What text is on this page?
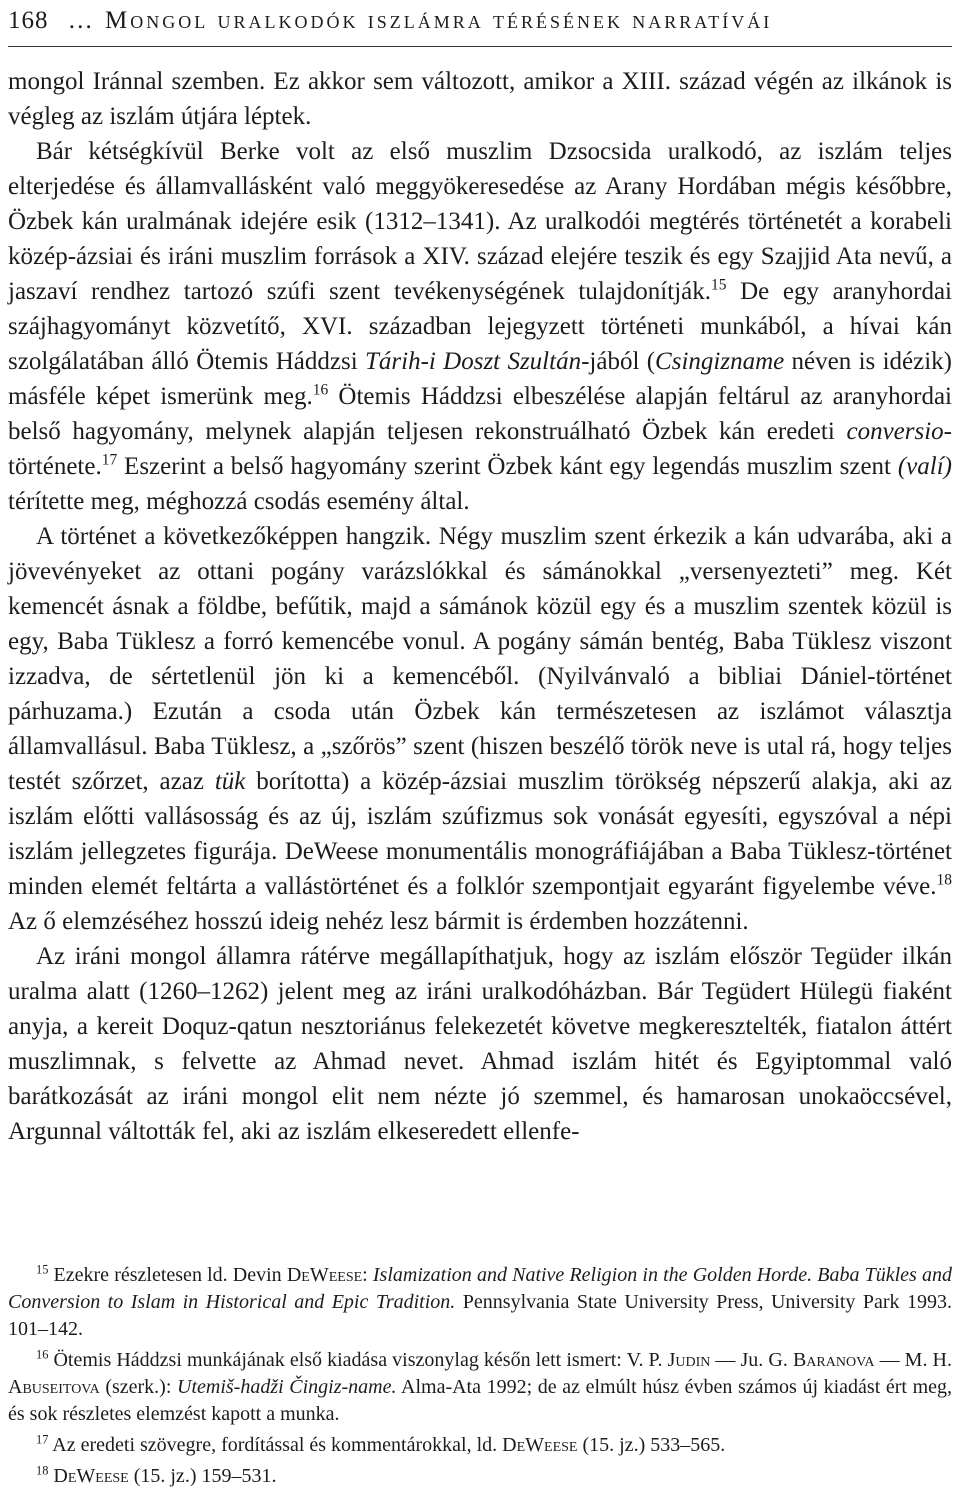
168 … Mongol uralkodók iszlámra térésének narratívái

mongol Iránnal szemben. Ez akkor sem változott, amikor a XIII. század végén az ilkánok is végleg az iszlám útjára léptek.

Bár kétségkívül Berke volt az első muszlim Dzsocsida uralkodó, az iszlám teljes elterjedése és államvallásként való meggyökeresedése az Arany Hordában mégis későbbre, Özbek kán uralmának idejére esik (1312–1341). Az uralkodói megtérés történetét a korabeli közép-ázsiai és iráni muszlim források a XIV. század elejére teszik és egy Szajjid Ata nevű, a jaszaví rendhez tartozó szúfi szent tevékenységének tulajdonítják.$^{15}$ De egy aranyhordai szájhagyományt közvetítő, XVI. században lejegyzett történeti munkából, a hívai kán szolgálatában álló Ötemis Háddzsi Tárih-i Doszt Szultán-jából (Csingizname néven is idézik) másféle képet ismerünk meg.$^{16}$ Ötemis Háddzsi elbeszélése alapján feltárul az aranyhordai belső hagyomány, melynek alapján teljesen rekonstruálható Özbek kán eredeti conversio-története.$^{17}$ Eszerint a belső hagyomány szerint Özbek kánt egy legendás muszlim szent (valí) térítette meg, méghozzá csodás esemény által.

A történet a következőképpen hangzik. Négy muszlim szent érkezik a kán udvarába, aki a jövevényeket az ottani pogány varázslókkal és sámánokkal „versenyezteti” meg. Két kemencét ásnak a földbe, befűtik, majd a sámánok közül egy és a muszlim szentek közül is egy, Baba Tüklesz a forró kemencébe vonul. A pogány sámán bentég, Baba Tüklesz viszont izzadva, de sértetlenül jön ki a kemencéből. (Nyilvánvaló a bibliai Dániel-történet párhuzama.) Ezután a csoda után Özbek kán természetesen az iszlámot választja államvallásul. Baba Tüklesz, a „szőrös” szent (hiszen beszélő török neve is utal rá, hogy teljes testét szőrzet, azaz tük borította) a közép-ázsiai muszlim törökség népszerű alakja, aki az iszlám előtti vallásosság és az új, iszlám szúfizmus sok vonását egyesíti, egyszóval a népi iszlám jellegzetes figurája. DeWeese monumentális monográfiájában a Baba Tüklesz-történet minden elemét feltárta a vallástörténet és a folklór szempontjait egyaránt figyelembe véve.$^{18}$ Az ő elemzéséhez hosszú ideig nehéz lesz bármit is érdemben hozzátenni.

Az iráni mongol államra rátérve megállapíthatjuk, hogy az iszlám először Tegüder ilkán uralma alatt (1260–1262) jelent meg az iráni uralkodóházban. Bár Tegüdert Hülegü fiaként anyja, a kereit Doquz-qatun nesztoriánus felekezetét követve megkeresztelték, fiatalon áttért muszlimnak, s felvette az Ahmad nevet. Ahmad iszlám hitét és Egyiptommal való barátkozását az iráni mongol elit nem nézte jó szemmel, és hamarosan unokaöccsével, Argunnal váltották fel, aki az iszlám elkeseredett ellenfe-

$^{15}$ Ezekre részletesen ld. Devin DeWeese: Islamization and Native Religion in the Golden Horde. Baba Tükles and Conversion to Islam in Historical and Epic Tradition. Pennsylvania State University Press, University Park 1993. 101–142.

$^{16}$ Ötemis Háddzsi munkájának első kiadása viszonylag későn lett ismert: V. P. Judin — Ju. G. Baranova — M. H. Abuseitova (szerk.): Utemiš-hadži Čingiz-name. Alma-Ata 1992; de az elmúlt húsz évben számos új kiadást ért meg, és sok részletes elemzést kapott a munka.

$^{17}$ Az eredeti szövegre, fordítással és kommentárokkal, ld. DeWeese (15. jz.) 533–565.

$^{18}$ DeWeese (15. jz.) 159–531.
